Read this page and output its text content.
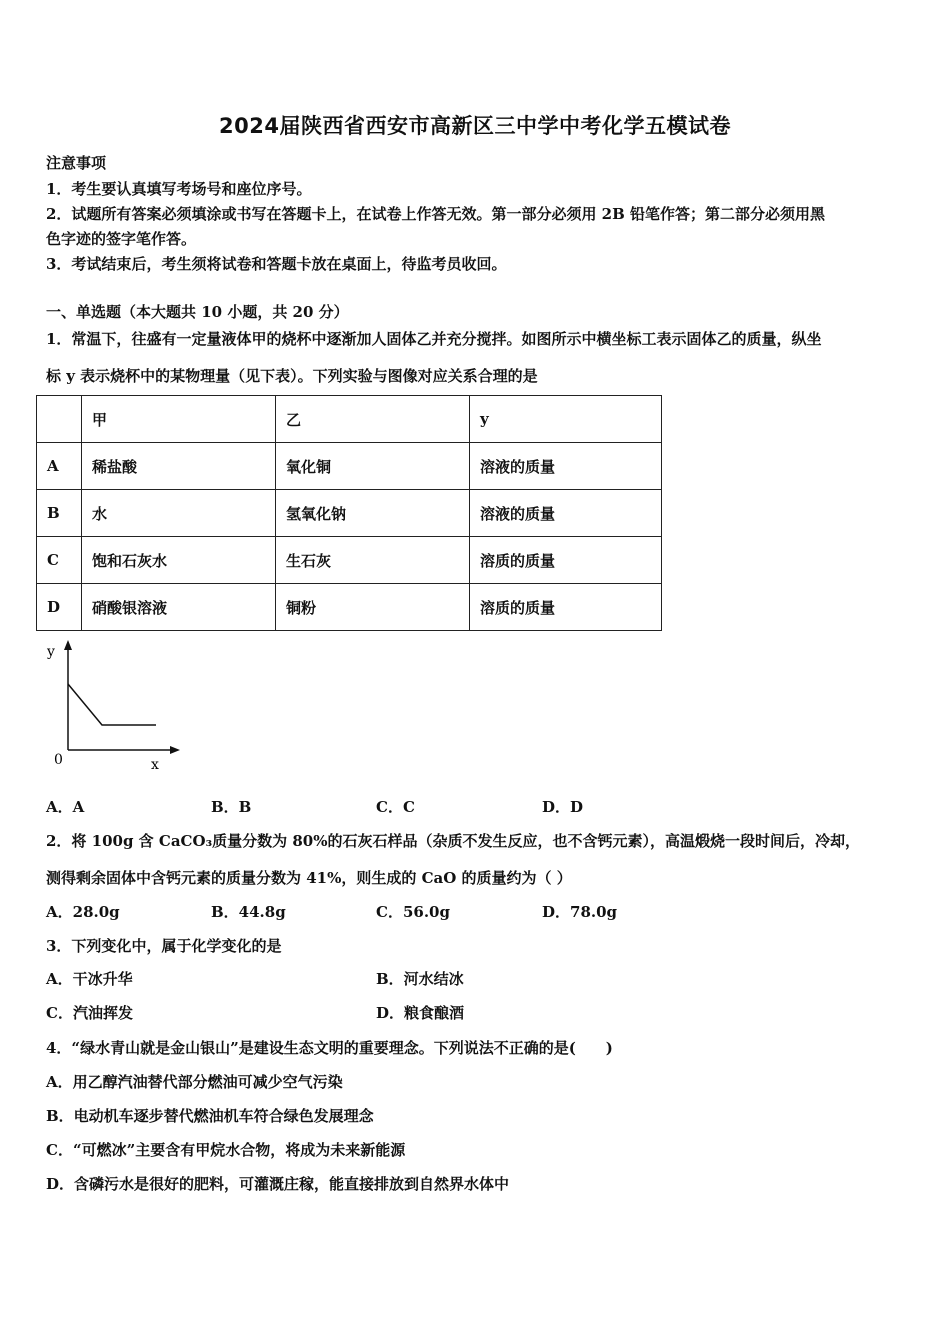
2024届陕西省西安市高新区三中学中考化学五模试卷
注意事项
1．考生要认真填写考场号和座位序号。
2．试题所有答案必须填涂或书写在答题卡上，在试卷上作答无效。第一部分必须用 2B 铅笔作答；第二部分必须用黑
色字迹的签字笔作答。
3．考试结束后，考生须将试卷和答题卡放在桌面上，待监考员收回。
一、单选题（本大题共 10 小题，共 20 分）
1．常温下，往盛有一定量液体甲的烧杯中逐渐加人固体乙并充分搅拌。如图所示中横坐标工表示固体乙的质量，纵坐
标 y 表示烧杯中的某物理量（见下表）。下列实验与图像对应关系合理的是
	甲	乙	y
A	稀盐酸	氧化铜	溶液的质量
B	水	氢氧化钠	溶液的质量
C	饱和石灰水	生石灰	溶质的质量
D	硝酸银溶液	铜粉	溶质的质量
y
0	x
A．A	B．B	C．C	D．D
2．将 100g 含 CaCO₃质量分数为 80%的石灰石样品（杂质不发生反应，也不含钙元素），高温煅烧一段时间后，冷却，
测得剩余固体中含钙元素的质量分数为 41%，则生成的 CaO 的质量约为（ ）
A．28.0g	B．44.8g	C．56.0g	D．78.0g
3．下列变化中，属于化学变化的是
A．干冰升华	B．河水结冰
C．汽油挥发	D．粮食酿酒
4．“绿水青山就是金山银山”是建设生态文明的重要理念。下列说法不正确的是(　　)
A．用乙醇汽油替代部分燃油可减少空气污染
B．电动机车逐步替代燃油机车符合绿色发展理念
C．“可燃冰”主要含有甲烷水合物，将成为未来新能源
D．含磷污水是很好的肥料，可灌溉庄稼，能直接排放到自然界水体中
